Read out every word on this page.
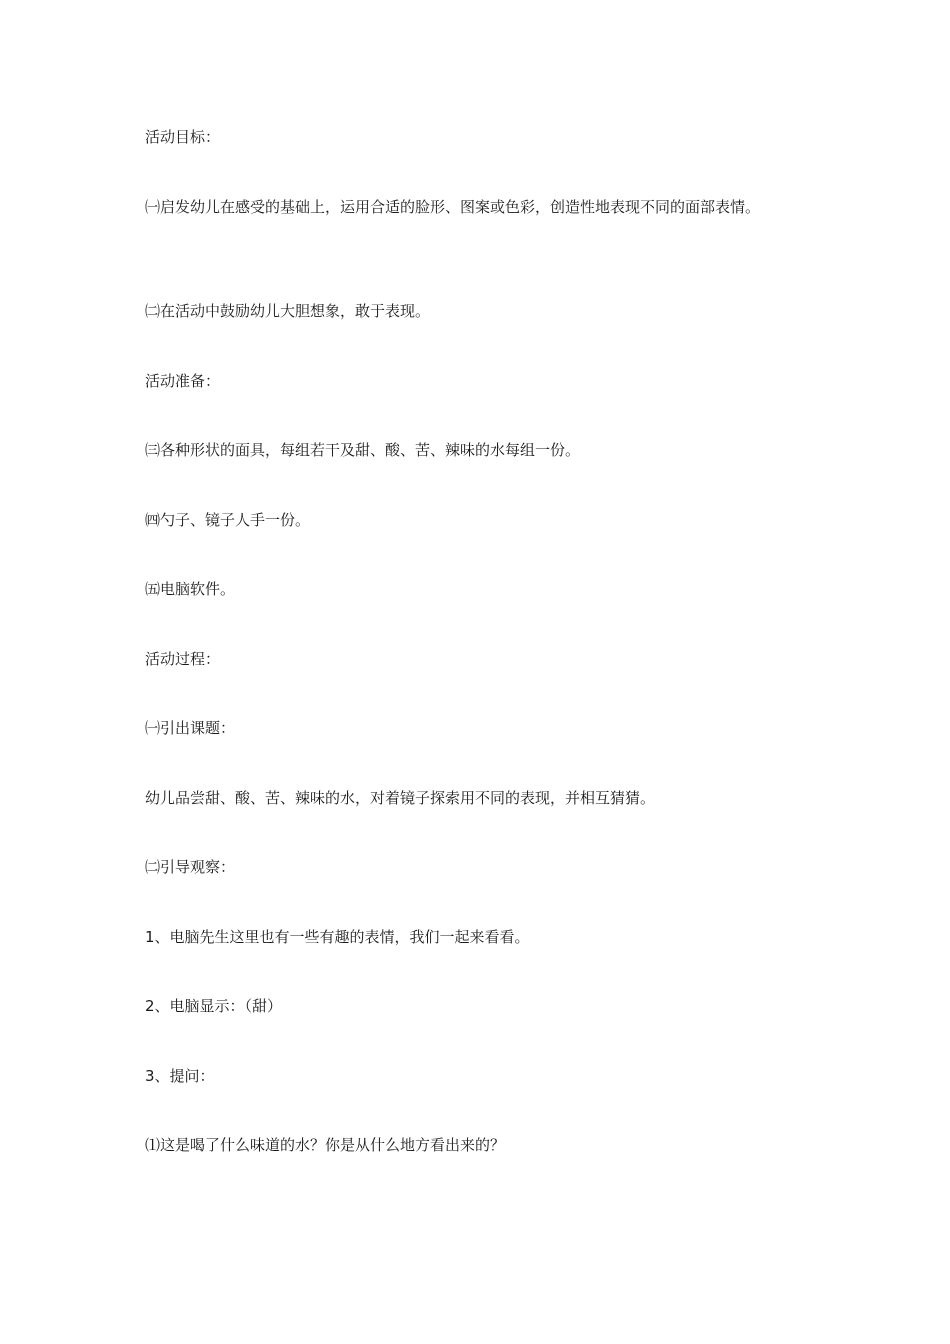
活动目标：

㈠启发幼儿在感受的基础上，运用合适的脸形、图案或色彩，创造性地表现不同的面部表情。

㈡在活动中鼓励幼儿大胆想象，敢于表现。

活动准备：

㈢各种形状的面具，每组若干及甜、酸、苦、辣味的水每组一份。

㈣勺子、镜子人手一份。

㈤电脑软件。

活动过程：

㈠引出课题：

幼儿品尝甜、酸、苦、辣味的水，对着镜子探索用不同的表现，并相互猜猜。

㈡引导观察：

1、电脑先生这里也有一些有趣的表情，我们一起来看看。

2、电脑显示：（甜）

3、提问：

⑴这是喝了什么味道的水？你是从什么地方看出来的？
